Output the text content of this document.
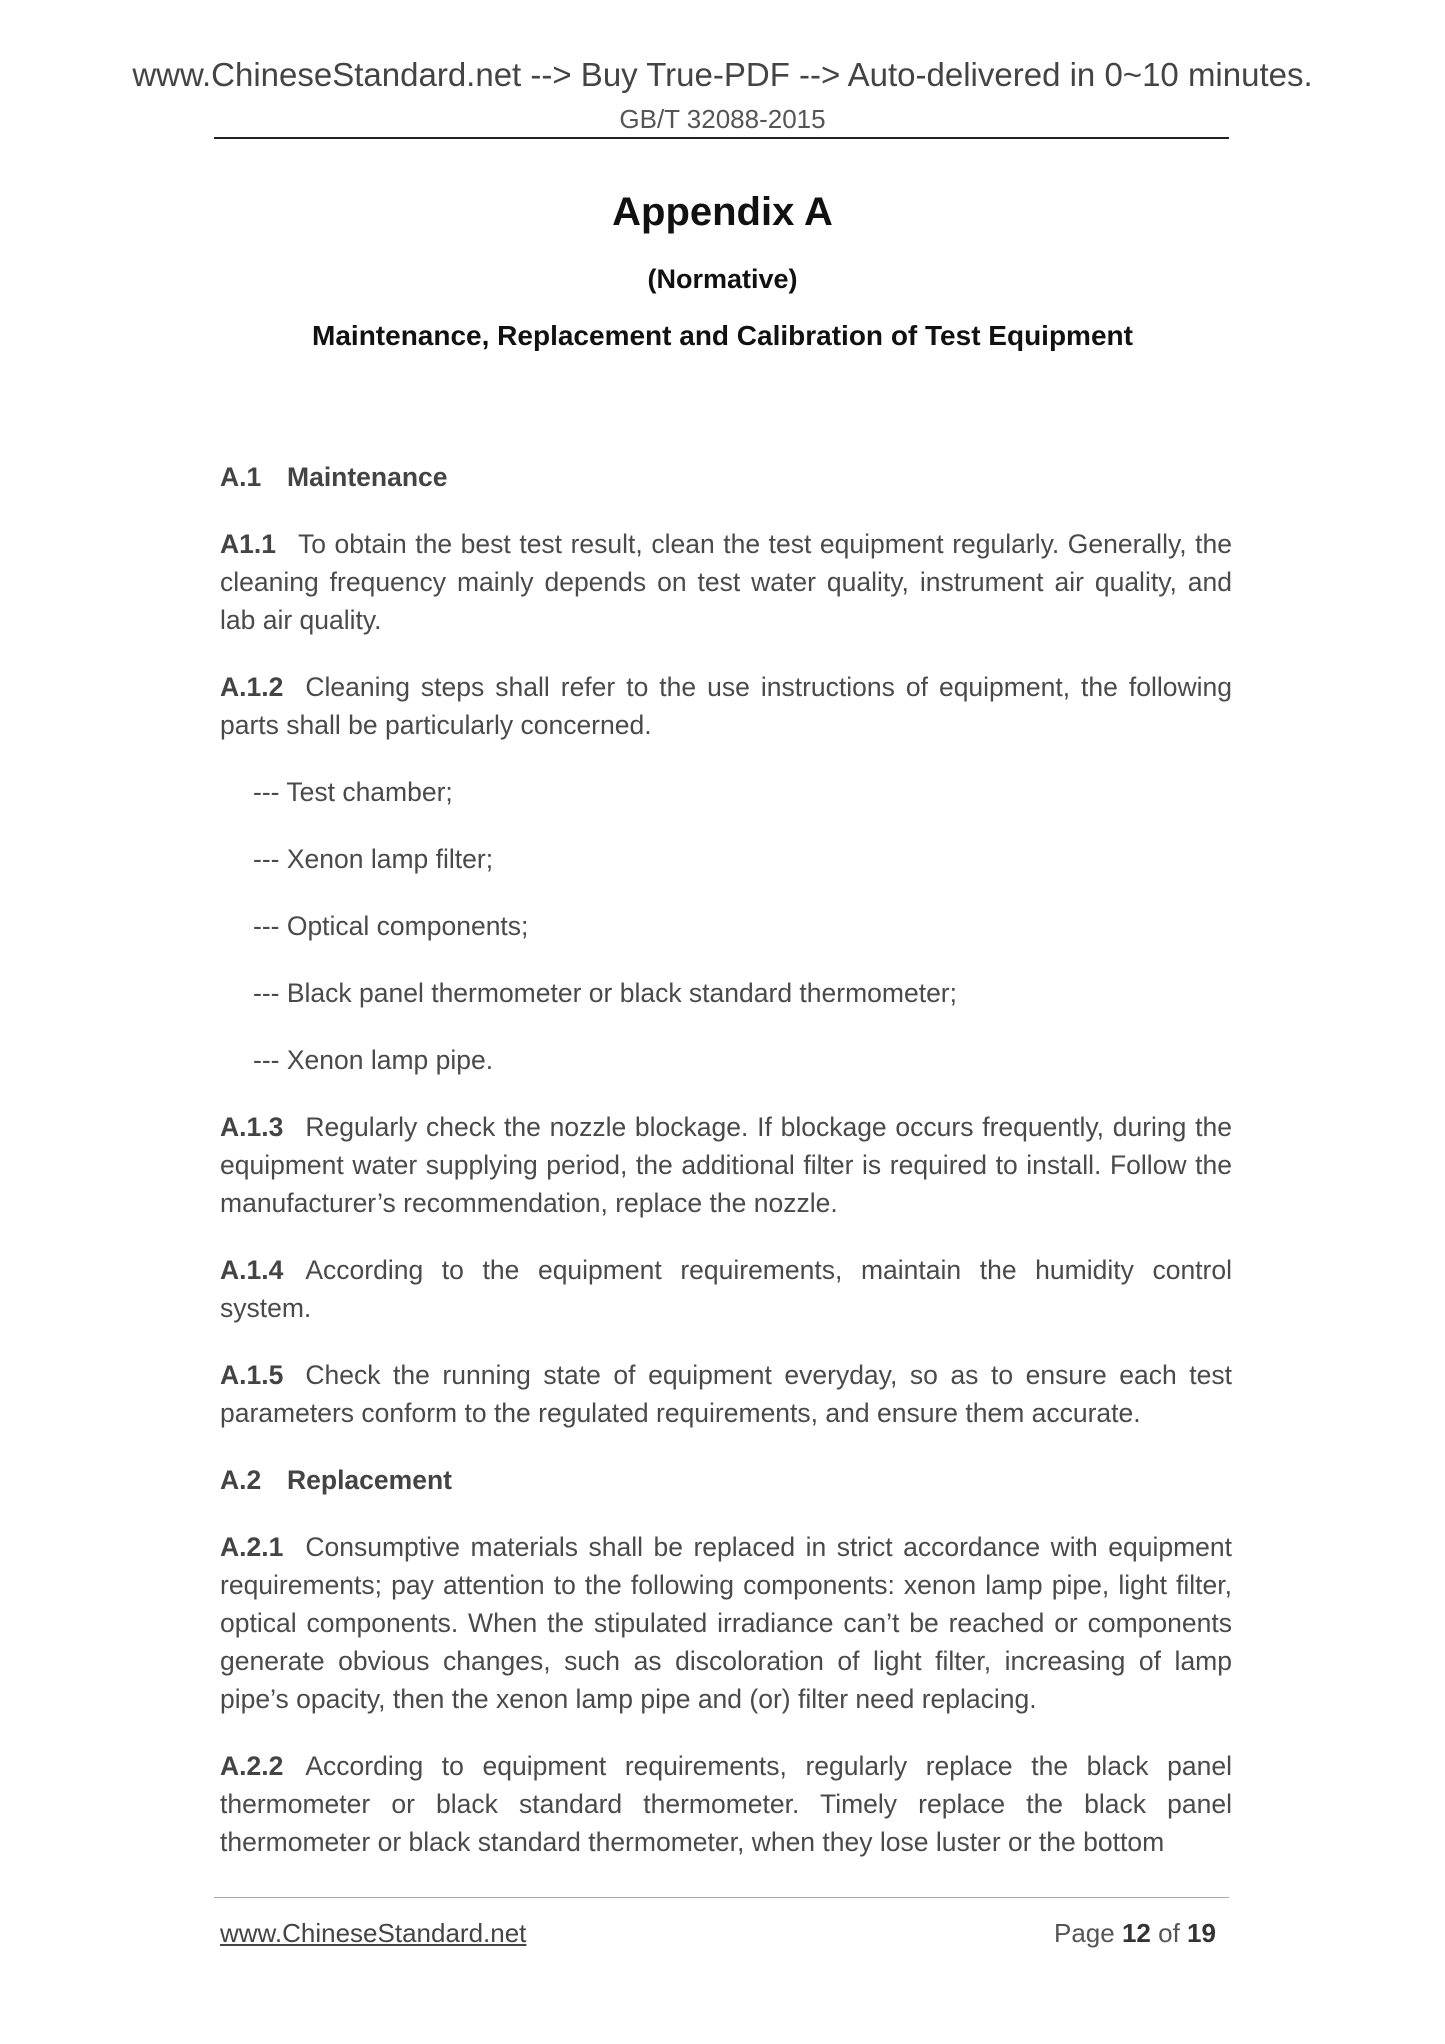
www.ChineseStandard.net --> Buy True-PDF --> Auto-delivered in 0~10 minutes.
GB/T 32088-2015
Appendix A
(Normative)
Maintenance, Replacement and Calibration of Test Equipment
A.1 Maintenance
A1.1 To obtain the best test result, clean the test equipment regularly. Generally, the cleaning frequency mainly depends on test water quality, instrument air quality, and lab air quality.
A.1.2 Cleaning steps shall refer to the use instructions of equipment, the following parts shall be particularly concerned.
--- Test chamber;
--- Xenon lamp filter;
--- Optical components;
--- Black panel thermometer or black standard thermometer;
--- Xenon lamp pipe.
A.1.3 Regularly check the nozzle blockage. If blockage occurs frequently, during the equipment water supplying period, the additional filter is required to install. Follow the manufacturer’s recommendation, replace the nozzle.
A.1.4 According to the equipment requirements, maintain the humidity control system.
A.1.5 Check the running state of equipment everyday, so as to ensure each test parameters conform to the regulated requirements, and ensure them accurate.
A.2 Replacement
A.2.1 Consumptive materials shall be replaced in strict accordance with equipment requirements; pay attention to the following components: xenon lamp pipe, light filter, optical components. When the stipulated irradiance can’t be reached or components generate obvious changes, such as discoloration of light filter, increasing of lamp pipe’s opacity, then the xenon lamp pipe and (or) filter need replacing.
A.2.2 According to equipment requirements, regularly replace the black panel thermometer or black standard thermometer. Timely replace the black panel thermometer or black standard thermometer, when they lose luster or the bottom
www.ChineseStandard.net	Page 12 of 19
